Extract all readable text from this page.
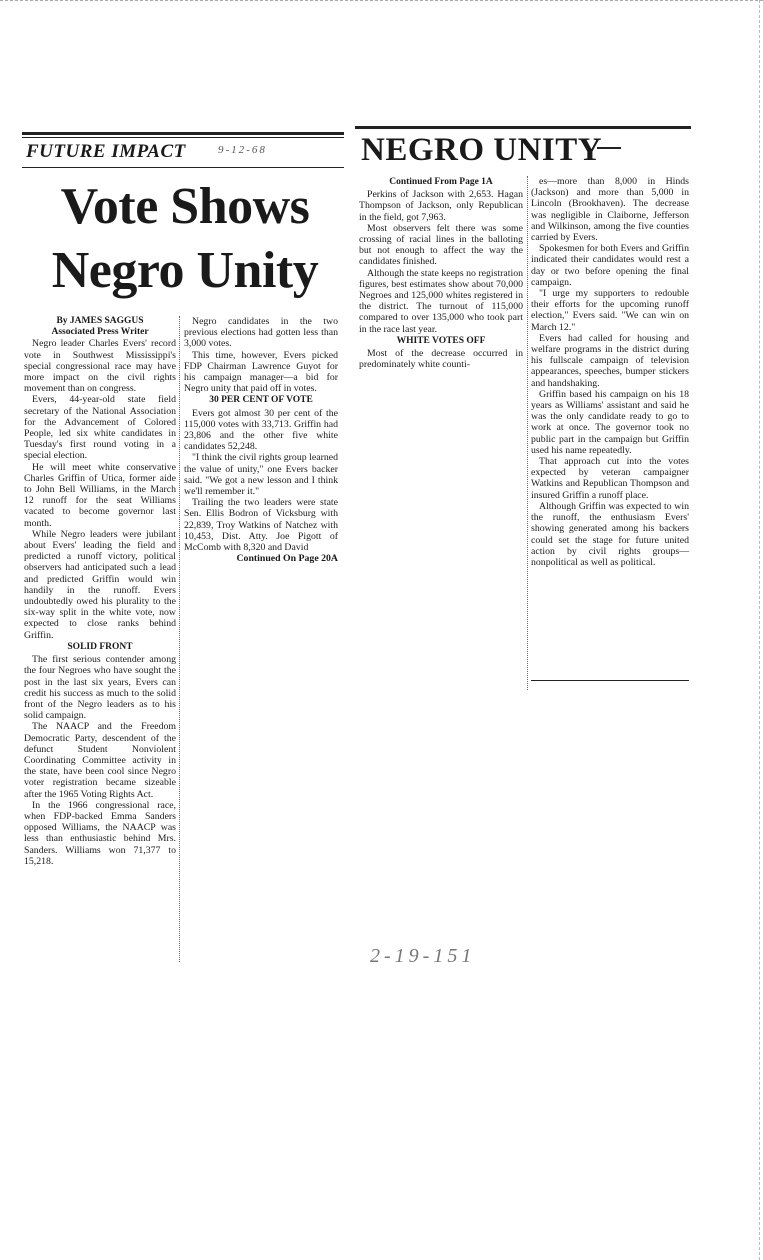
FUTURE IMPACT	9-12-68
Vote Shows
Negro Unity

By JAMES SAGGUS

Associated Press Writer

Negro leader Charles Evers' record vote in Southwest Mississippi's special congressional race may have more impact on the civil rights movement than on congress.

Evers, 44-year-old state field secretary of the National Association for the Advancement of Colored People, led six white candidates in Tuesday's first round voting in a special election.

He will meet white conservative Charles Griffin of Utica, former aide to John Bell Williams, in the March 12 runoff for the seat Williams vacated to become governor last month.

While Negro leaders were jubilant about Evers' leading the field and predicted a runoff victory, political observers had anticipated such a lead and predicted Griffin would win handily in the runoff. Evers undoubtedly owed his plurality to the six-way split in the white vote, now expected to close ranks behind Griffin.

SOLID FRONT

The first serious contender among the four Negroes who have sought the post in the last six years, Evers can credit his success as much to the solid front of the Negro leaders as to his solid campaign.

The NAACP and the Freedom Democratic Party, descendent of the defunct Student Nonviolent Coordinating Committee activity in the state, have been cool since Negro voter registration became sizeable after the 1965 Voting Rights Act.

In the 1966 congressional race, when FDP-backed Emma Sanders opposed Williams, the NAACP was less than enthusiastic behind Mrs. Sanders. Williams won 71,377 to 15,218.

Negro candidates in the two previous elections had gotten less than 3,000 votes.

This time, however, Evers picked FDP Chairman Lawrence Guyot for his campaign manager—a bid for Negro unity that paid off in votes.

30 PER CENT OF VOTE

Evers got almost 30 per cent of the 115,000 votes with 33,713. Griffin had 23,806 and the other five white candidates 52,248.

"I think the civil rights group learned the value of unity," one Evers backer said. "We got a new lesson and I think we'll remember it."

Trailing the two leaders were state Sen. Ellis Bodron of Vicksburg with 22,839, Troy Watkins of Natchez with 10,453, Dist. Atty. Joe Pigott of McComb with 8,320 and David

Continued On Page 20A

NEGRO UNITY

Continued From Page 1A

Perkins of Jackson with 2,653. Hagan Thompson of Jackson, only Republican in the field, got 7,963.

Most observers felt there was some crossing of racial lines in the balloting but not enough to affect the way the candidates finished.

Although the state keeps no registration figures, best estimates show about 70,000 Negroes and 125,000 whites registered in the district. The turnout of 115,000 compared to over 135,000 who took part in the race last year.

WHITE VOTES OFF

Most of the decrease occurred in predominately white counti-

es—more than 8,000 in Hinds (Jackson) and more than 5,000 in Lincoln (Brookhaven). The decrease was negligible in Claiborne, Jefferson and Wilkinson, among the five counties carried by Evers.

Spokesmen for both Evers and Griffin indicated their candidates would rest a day or two before opening the final campaign.

"I urge my supporters to redouble their efforts for the upcoming runoff election," Evers said. "We can win on March 12."

Evers had called for housing and welfare programs in the district during his fullscale campaign of television appearances, speeches, bumper stickers and handshaking.

Griffin based his campaign on his 18 years as Williams' assistant and said he was the only candidate ready to go to work at once. The governor took no public part in the campaign but Griffin used his name repeatedly.

That approach cut into the votes expected by veteran campaigner Watkins and Republican Thompson and insured Griffin a runoff place.

Although Griffin was expected to win the runoff, the enthusiasm Evers' showing generated among his backers could set the stage for future united action by civil rights groups—nonpolitical as well as political.

2-19-151
